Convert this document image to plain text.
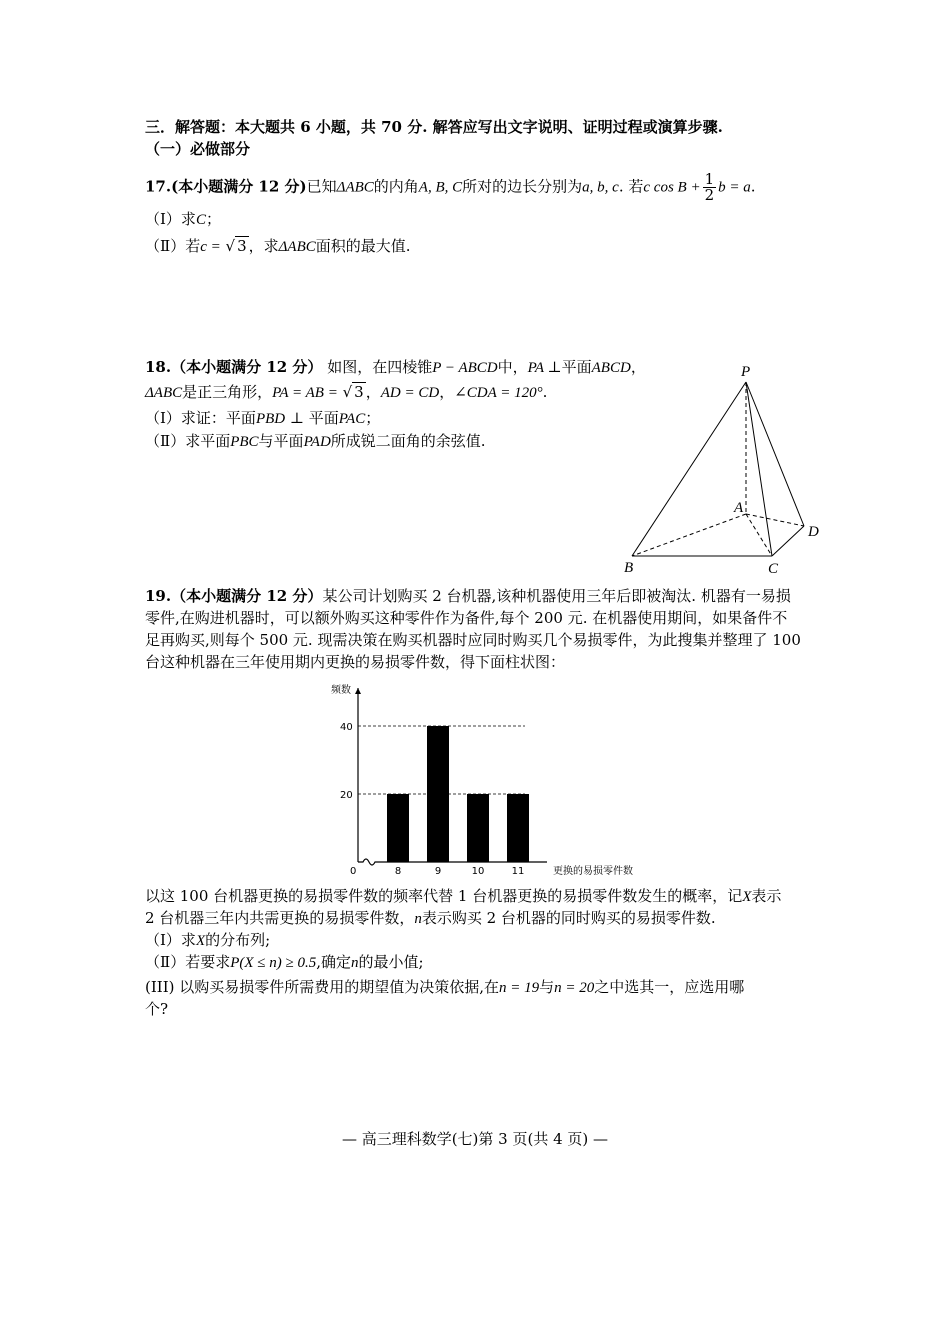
三．解答题：本大题共 6 小题，共 70 分. 解答应写出文字说明、证明过程或演算步骤.
（一）必做部分
17.(本小题满分 12 分)已知ΔABC的内角A, B, C所对的边长分别为a, b, c. 若c $\cos B + \frac{1}{2}$ b = a.
（Ⅰ）求C；
（Ⅱ）若c = √ 3 ，求ΔABC面积的最大值.
18.（本小题满分 12 分） 如图，在四棱锥P − ABCD中，PA ⊥平面ABCD，
ΔABC是正三角形，PA = AB = √ 3 ，AD = CD，∠CDA = 120°.
（Ⅰ）求证：平面PBD ⊥ 平面PAC；
（Ⅱ）求平面PBC与平面PAD所成锐二面角的余弦值.
P
A
B	C
D
19.（本小题满分 12 分）某公司计划购买 2 台机器,该种机器使用三年后即被淘汰. 机器有一易损
零件,在购进机器时，可以额外购买这种零件作为备件,每个 200 元. 在机器使用期间，如果备件不
足再购买,则每个 500 元. 现需决策在购买机器时应同时购买几个易损零件，为此搜集并整理了 100
台这种机器在三年使用期内更换的易损零件数，得下面柱状图：
频数
0
20
40
8	9	10	11	更换的易损零件数
以这 100 台机器更换的易损零件数的频率代替 1 台机器更换的易损零件数发生的概率，记X表示
2 台机器三年内共需更换的易损零件数，n表示购买 2 台机器的同时购买的易损零件数.
（Ⅰ）求X的分布列;
（Ⅱ）若要求P(X ≤ n) ≥ 0.5,确定n的最小值;
(III) 以购买易损零件所需费用的期望值为决策依据,在n = 19与n = 20之中选其一，应选用哪
个?
— 高三理科数学(七)第 3 页(共 4 页) —
